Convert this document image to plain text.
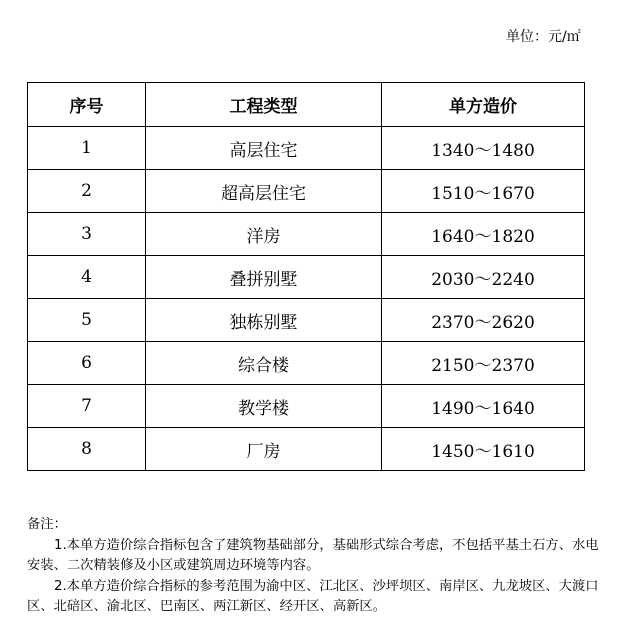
单位：元/㎡
序号	工程类型	单方造价
1	高层住宅	1340～1480
2	超高层住宅	1510～1670
3	洋房	1640～1820
4	叠拼别墅	2030～2240
5	独栋别墅	2370～2620
6	综合楼	2150～2370
7	教学楼	1490～1640
8	厂房	1450～1610

备注：

1.本单方造价综合指标包含了建筑物基础部分，基础形式综合考虑，不包括平基土石方、水电安装、二次精装修及小区或建筑周边环境等内容。

2.本单方造价综合指标的参考范围为渝中区、江北区、沙坪坝区、南岸区、九龙坡区、大渡口区、北碚区、渝北区、巴南区、两江新区、经开区、高新区。
